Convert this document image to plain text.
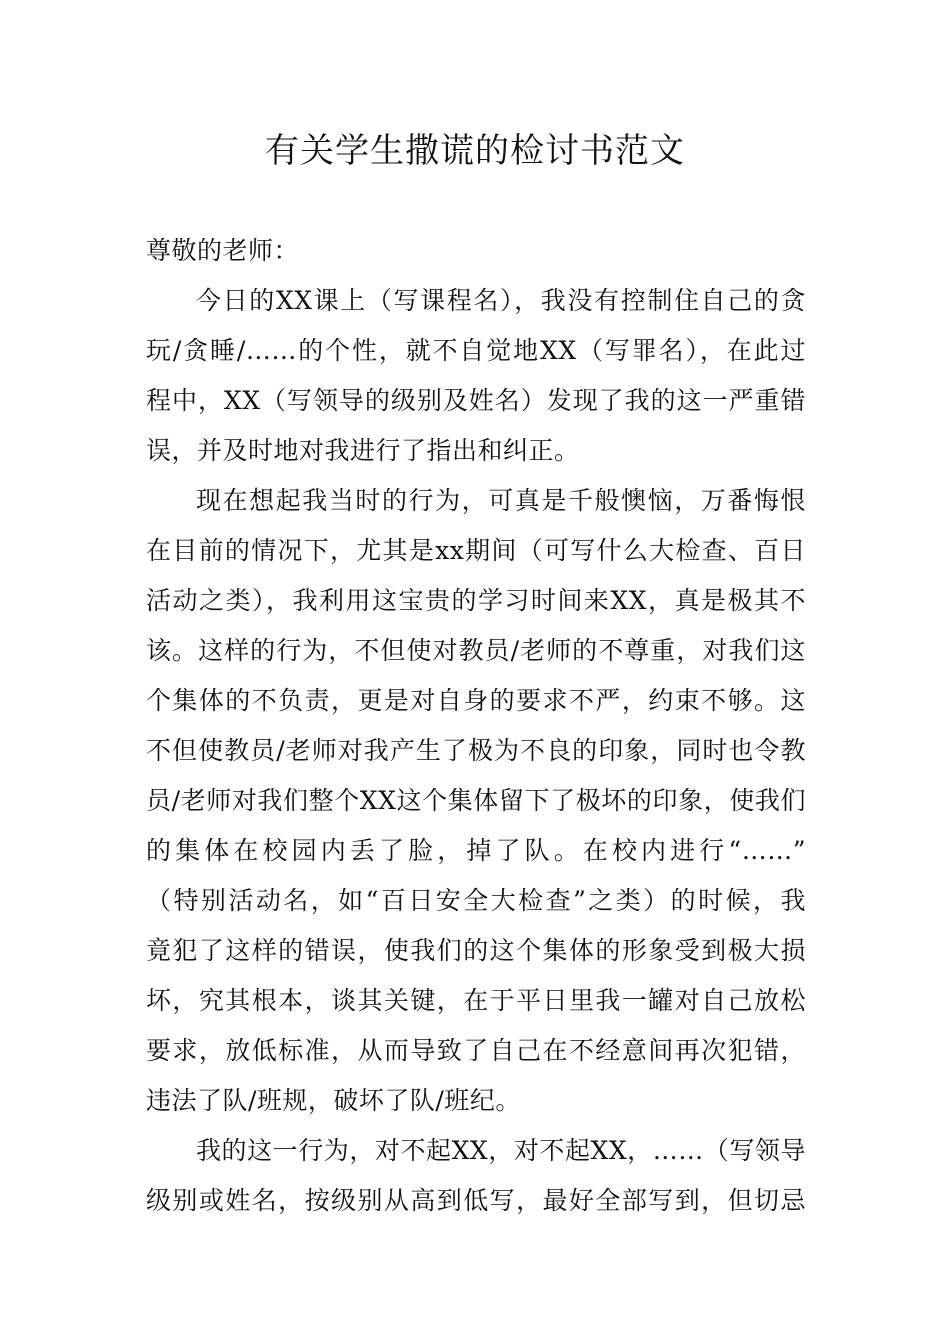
有关学生撒谎的检讨书范文
尊敬的老师：
今日的XX课上（写课程名），我没有控制住自己的贪
玩/贪睡/……的个性，就不自觉地XX（写罪名），在此过
程中，XX（写领导的级别及姓名）发现了我的这一严重错
误，并及时地对我进行了指出和纠正。
现在想起我当时的行为，可真是千般懊恼，万番悔恨
在目前的情况下，尤其是xx期间（可写什么大检查、百日
活动之类），我利用这宝贵的学习时间来XX，真是极其不
该。这样的行为，不但使对教员/老师的不尊重，对我们这
个集体的不负责，更是对自身的要求不严，约束不够。这
不但使教员/老师对我产生了极为不良的印象，同时也令教
员/老师对我们整个XX这个集体留下了极坏的印象，使我们
的集体在校园内丢了脸，掉了队。在校内进行“……”
（特别活动名，如“百日安全大检查”之类）的时候，我
竟犯了这样的错误，使我们的这个集体的形象受到极大损
坏，究其根本，谈其关键，在于平日里我一罐对自己放松
要求，放低标准，从而导致了自己在不经意间再次犯错，
违法了队/班规，破坏了队/班纪。
我的这一行为，对不起XX，对不起XX，……（写领导
级别或姓名，按级别从高到低写，最好全部写到，但切忌
